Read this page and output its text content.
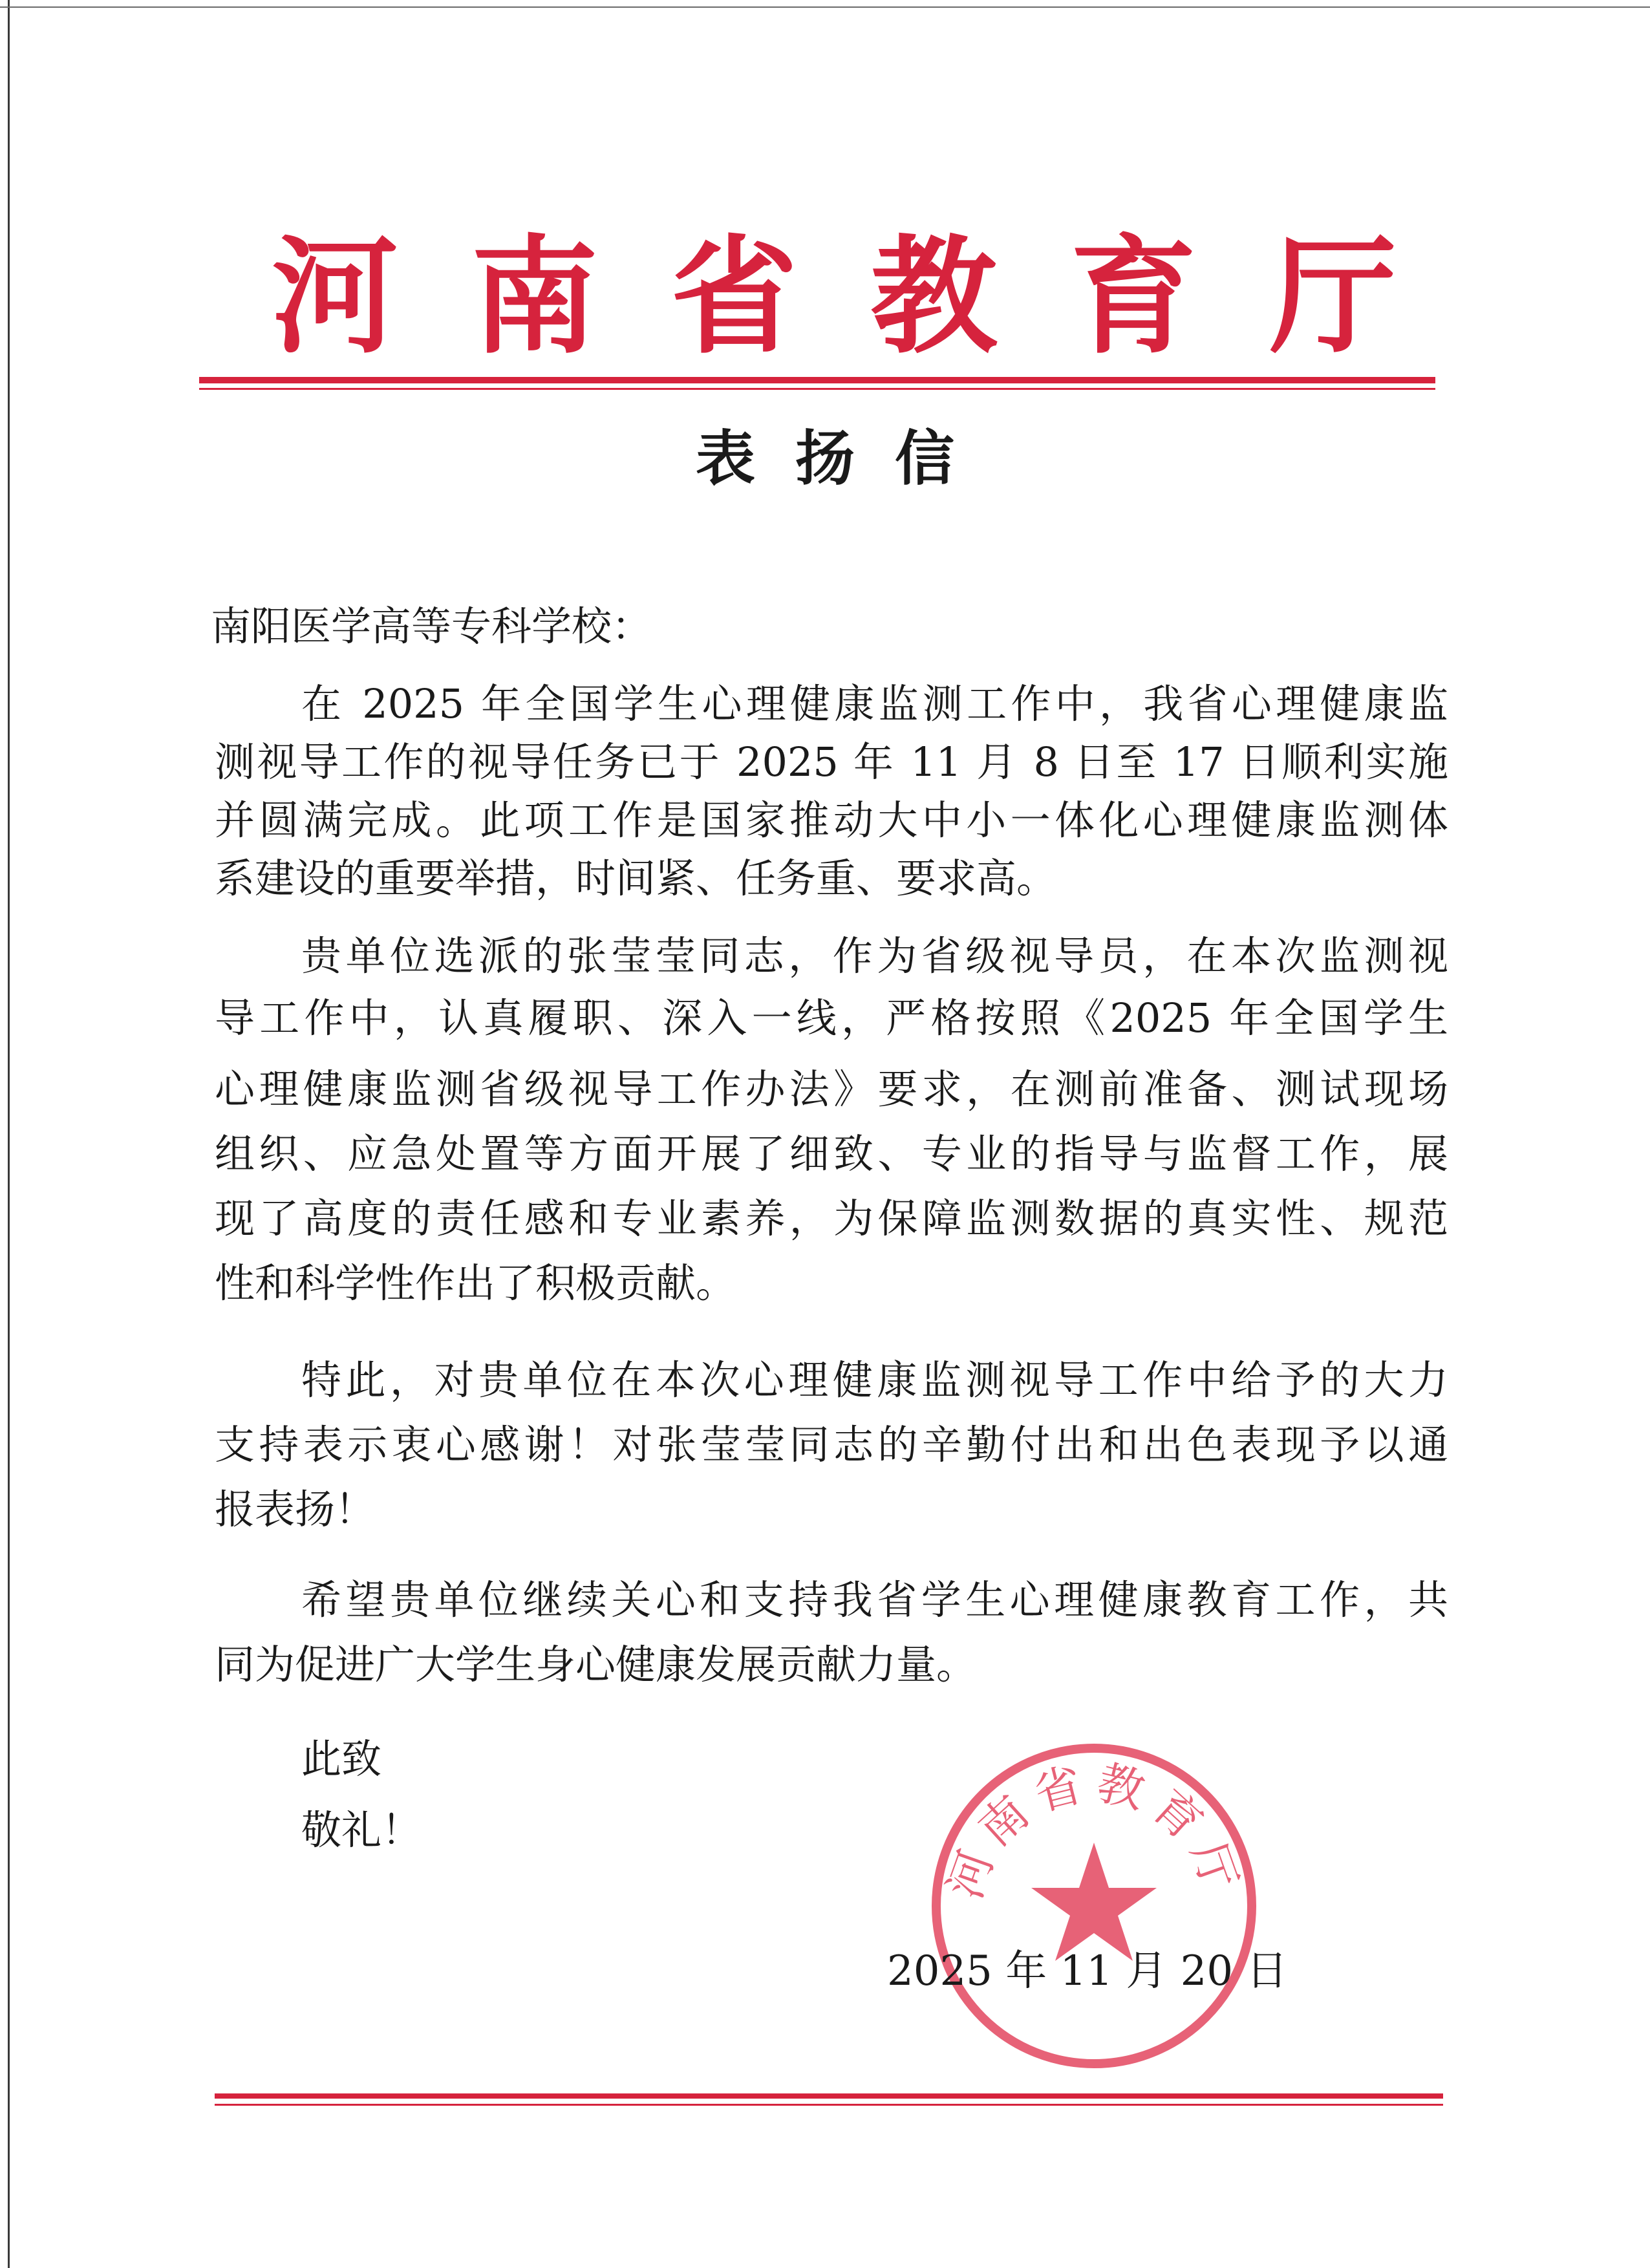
河 南 省 教 育 厅
表扬信
南阳医学高等专科学校：
在 2025 年全国学生心理健康监测工作中，我省心理健康监
测视导工作的视导任务已于 2025 年 11 月 8 日至 17 日顺利实施
并圆满完成。此项工作是国家推动大中小一体化心理健康监测体
系建设的重要举措，时间紧、任务重、要求高。
贵单位选派的张莹莹同志，作为省级视导员，在本次监测视
导工作中，认真履职、深入一线，严格按照《2025 年全国学生
心理健康监测省级视导工作办法》要求，在测前准备、测试现场
组织、应急处置等方面开展了细致、专业的指导与监督工作，展
现了高度的责任感和专业素养，为保障监测数据的真实性、规范
性和科学性作出了积极贡献。
特此，对贵单位在本次心理健康监测视导工作中给予的大力
支持表示衷心感谢！对张莹莹同志的辛勤付出和出色表现予以通
报表扬！
希望贵单位继续关心和支持我省学生心理健康教育工作，共
同为促进广大学生身心健康发展贡献力量。
此致
敬礼！
河南省教育厅
2025 年 11 月 20 日
